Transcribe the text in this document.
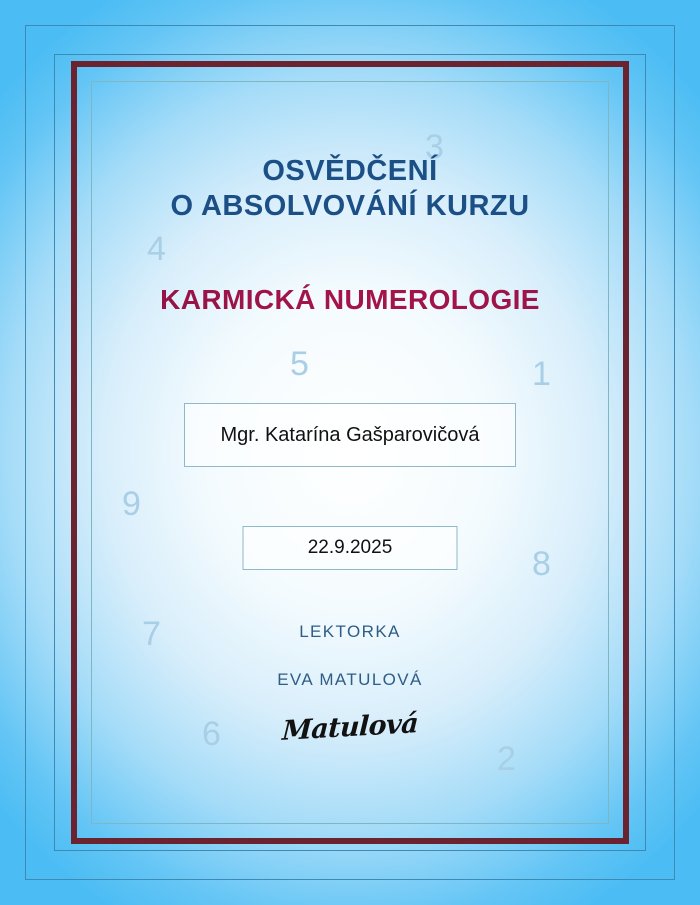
3
4
5	1
9
8
7
6
2
OSVĚDČENÍ
O ABSOLVOVÁNÍ KURZU
KARMICKÁ NUMEROLOGIE
Mgr. Katarína Gašparovičová
22.9.2025

LEKTORKA

EVA MATULOVÁ

Matulová
